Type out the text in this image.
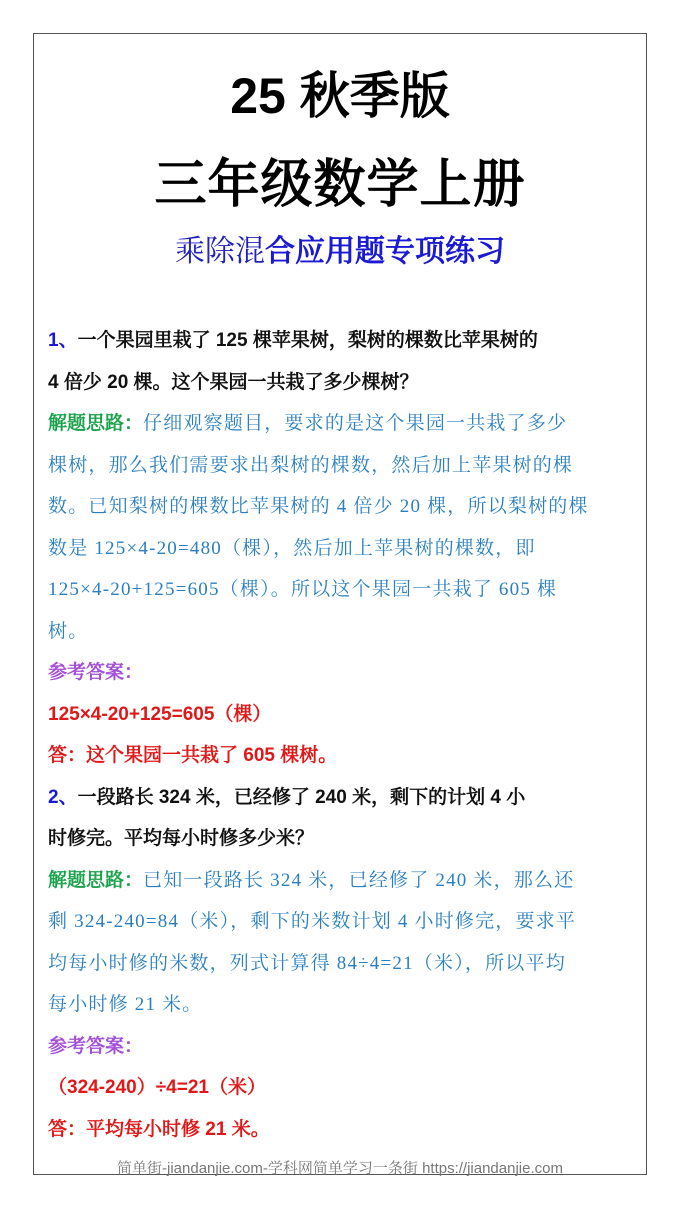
25 秋季版
三年级数学上册
乘除混合应用题专项练习
1、一个果园里栽了 125 棵苹果树，梨树的棵数比苹果树的
4 倍少 20 棵。这个果园一共栽了多少棵树？
解题思路：仔细观察题目，要求的是这个果园一共栽了多少
棵树，那么我们需要求出梨树的棵数，然后加上苹果树的棵
数。已知梨树的棵数比苹果树的 4 倍少 20 棵，所以梨树的棵
数是 125×4-20=480（棵），然后加上苹果树的棵数，即
125×4-20+125=605（棵）。所以这个果园一共栽了 605 棵
树。
参考答案：
125×4-20+125=605（棵）
答：这个果园一共栽了 605 棵树。
2、一段路长 324 米，已经修了 240 米，剩下的计划 4 小
时修完。平均每小时修多少米？
解题思路：已知一段路长 324 米，已经修了 240 米，那么还
剩 324-240=84（米），剩下的米数计划 4 小时修完，要求平
均每小时修的米数，列式计算得 84÷4=21（米），所以平均
每小时修 21 米。
参考答案：
（324-240）÷4=21（米）
答：平均每小时修 21 米。
简单街-jiandanjie.com-学科网简单学习一条街 https://jiandanjie.com
